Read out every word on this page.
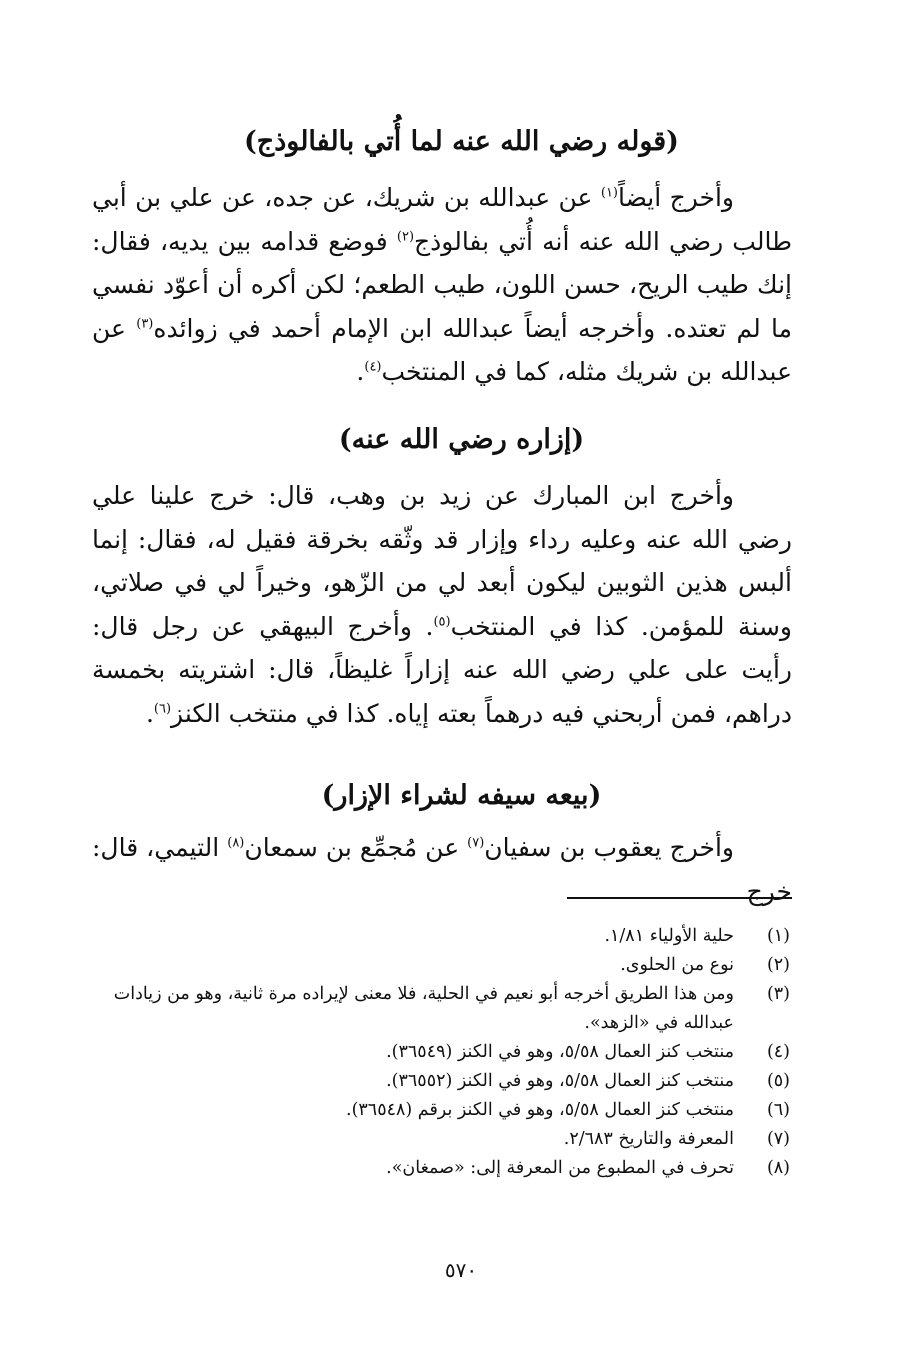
(قوله رضي الله عنه لما أُتي بالفالوذج)

وأخرج أيضاً$^{(١)}$ عن عبدالله بن شريك، عن جده، عن علي بن أبي طالب رضي الله عنه أنه أُتي بفالوذج$^{(٢)}$ فوضع قدامه بين يديه، فقال: إنك طيب الريح، حسن اللون، طيب الطعم؛ لكن أكره أن أعوّد نفسي ما لم تعتده. وأخرجه أيضاً عبدالله ابن الإمام أحمد في زوائده$^{(٣)}$ عن عبدالله بن شريك مثله، كما في المنتخب$^{(٤)}$.

(إزاره رضي الله عنه)

وأخرج ابن المبارك عن زيد بن وهب، قال: خرج علينا علي رضي الله عنه وعليه رداء وإزار قد وثّقه بخرقة فقيل له، فقال: إنما ألبس هذين الثوبين ليكون أبعد لي من الزّهو، وخيراً لي في صلاتي، وسنة للمؤمن. كذا في المنتخب$^{(٥)}$. وأخرج البيهقي عن رجل قال: رأيت على علي رضي الله عنه إزاراً غليظاً، قال: اشتريته بخمسة دراهم، فمن أربحني فيه درهماً بعته إياه. كذا في منتخب الكنز$^{(٦)}$.

(بيعه سيفه لشراء الإزار)

وأخرج يعقوب بن سفيان$^{(٧)}$ عن مُجمِّع بن سمعان$^{(٨)}$ التيمي، قال: خرج

(١)
حلية الأولياء ١/٨١.
(٢)
نوع من الحلوى.
(٣)
ومن هذا الطريق أخرجه أبو نعيم في الحلية، فلا معنى لإيراده مرة ثانية، وهو من زيادات عبدالله في «الزهد».
(٤)
منتخب كنز العمال ٥/٥٨، وهو في الكنز (٣٦٥٤٩).
(٥)
منتخب كنز العمال ٥/٥٨، وهو في الكنز (٣٦٥٥٢).
(٦)
منتخب كنز العمال ٥/٥٨، وهو في الكنز برقم (٣٦٥٤٨).
(٧)
المعرفة والتاريخ ٢/٦٨٣.
(٨)
تحرف في المطبوع من المعرفة إلى: «صمغان».
٥٧٠
